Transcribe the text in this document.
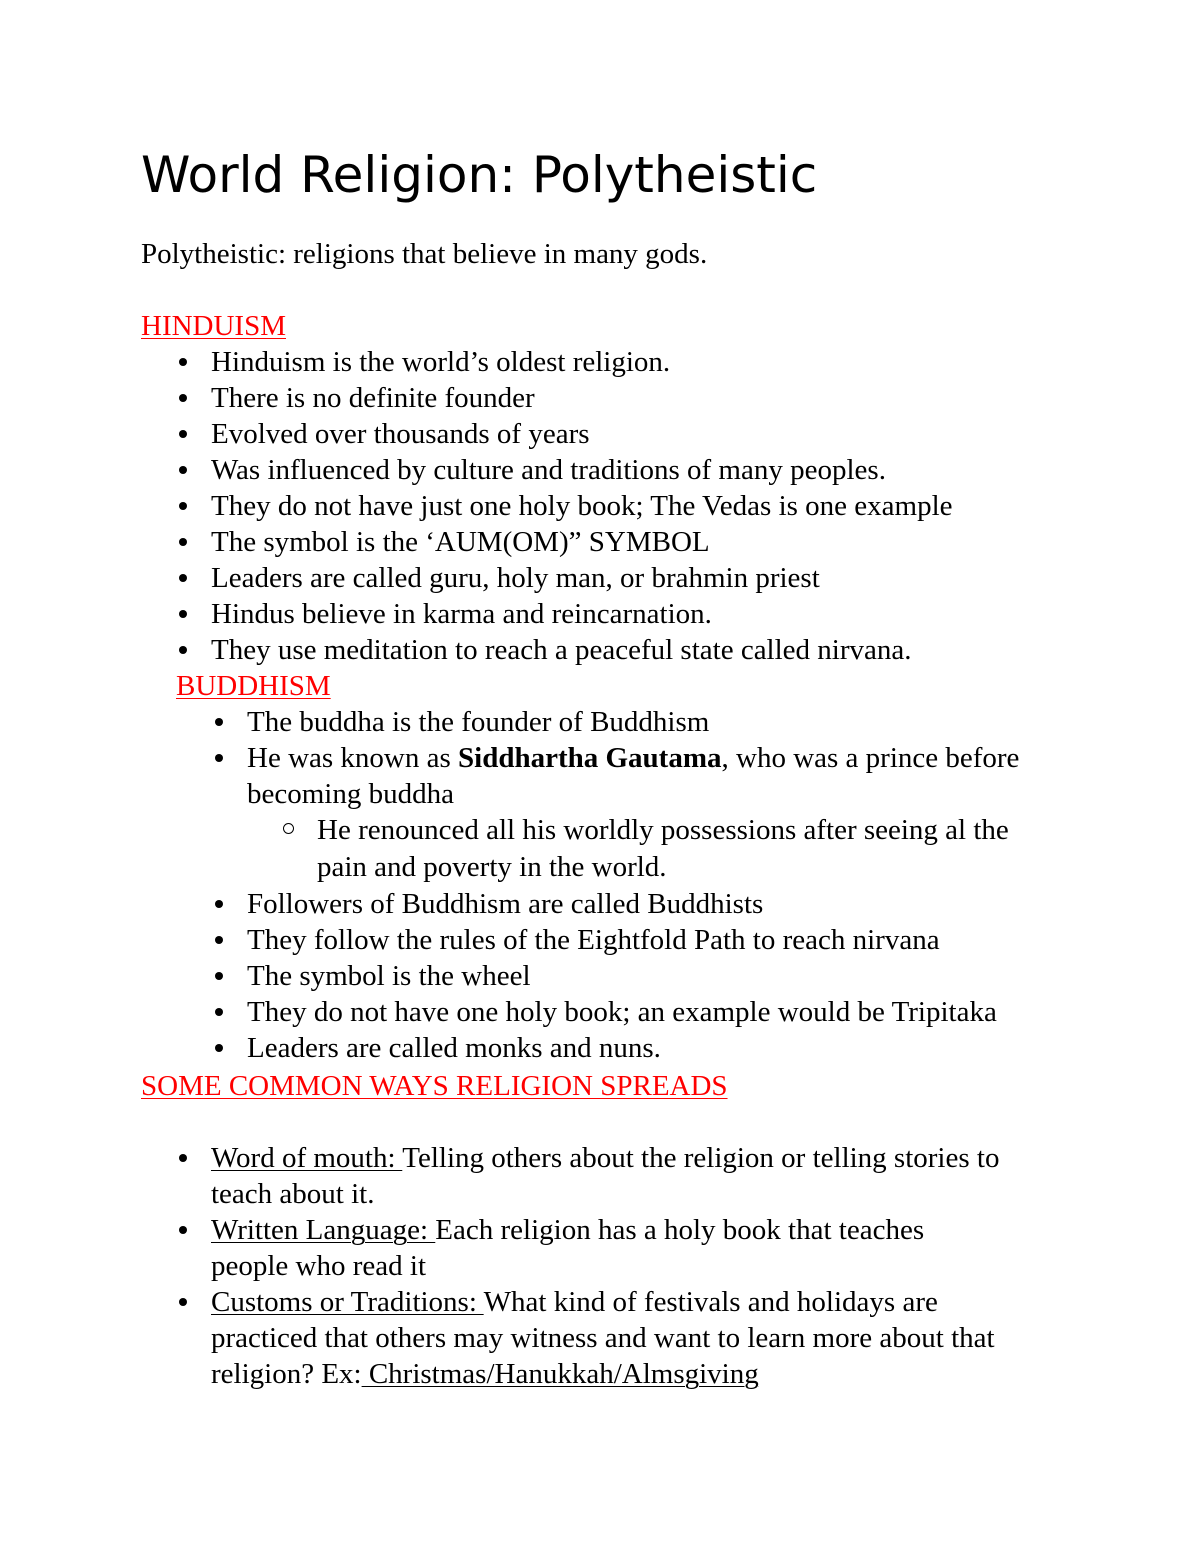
World Religion: Polytheistic

Polytheistic: religions that believe in many gods.

HINDUISM

Hinduism is the world’s oldest religion.
There is no definite founder
Evolved over thousands of years
Was influenced by culture and traditions of many peoples.
They do not have just one holy book; The Vedas is one example
The symbol is the ‘AUM(OM)” SYMBOL
Leaders are called guru, holy man, or brahmin priest
Hindus believe in karma and reincarnation.
They use meditation to reach a peaceful state called nirvana.

BUDDHISM

The buddha is the founder of Buddhism
He was known as Siddhartha Gautama, who was a prince before becoming buddha
He renounced all his worldly possessions after seeing al the pain and poverty in the world.
Followers of Buddhism are called Buddhists
They follow the rules of the Eightfold Path to reach nirvana
The symbol is the wheel
They do not have one holy book; an example would be Tripitaka
Leaders are called monks and nuns.

SOME COMMON WAYS RELIGION SPREADS

Word of mouth: Telling others about the religion or telling stories to teach about it.
Written Language: Each religion has a holy book that teaches people who read it
Customs or Traditions: What kind of festivals and holidays are practiced that others may witness and want to learn more about that religion? Ex: Christmas/Hanukkah/Almsgiving
